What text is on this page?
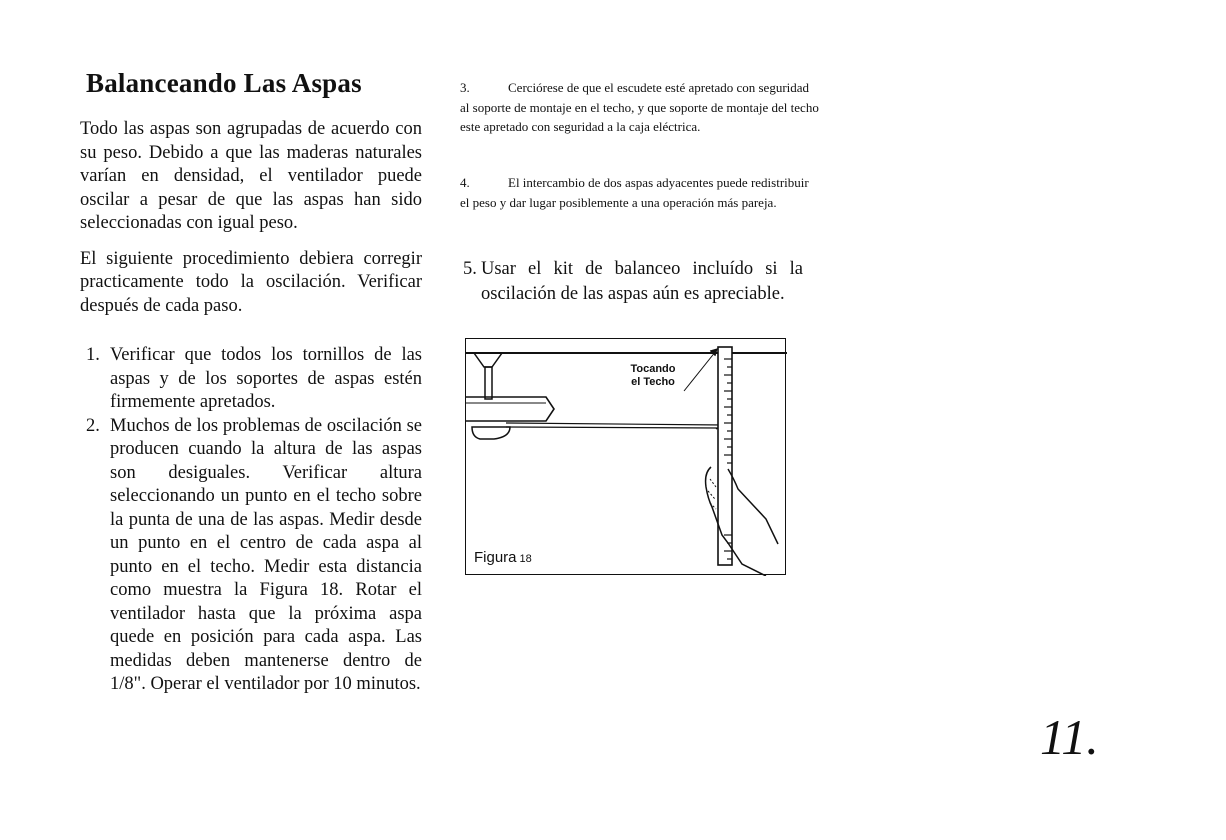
Balanceando Las Aspas

Todo las aspas son agrupadas de acuerdo con su peso. Debido a que las maderas naturales varían en densidad, el ventilador puede oscilar a pesar de que las aspas han sido seleccionadas con igual peso.

El siguiente procedimiento debiera corregir practicamente todo la oscilación. Verificar después de cada paso.

1. Verificar que todos los tornillos de las aspas y de los soportes de aspas estén firmemente apretados.
2. Muchos de los problemas de oscilación se producen cuando la altura de las aspas son desiguales. Verificar altura seleccionando un punto en el techo sobre la punta de una de las aspas. Medir desde un punto en el centro de cada aspa al punto en el techo. Medir esta distancia como muestra la Figura 18. Rotar el ventilador hasta que la próxima aspa quede en posición para cada aspa. Las medidas deben mantenerse dentro de 1/8". Operar el ventilador por 10 minutos.
3.	Cerciórese de que el escudete esté apretado con seguridad al soporte de montaje en el techo, y que soporte de montaje del techo este apretado con seguridad a la caja eléctrica.
4.	El intercambio de dos aspas adyacentes puede redistribuir el peso y dar lugar posiblemente a una operación más pareja.
5. Usar el kit de balanceo incluído si la oscilación de las aspas aún es apreciable.
Tocando
el Techo
Figura 18
11.
